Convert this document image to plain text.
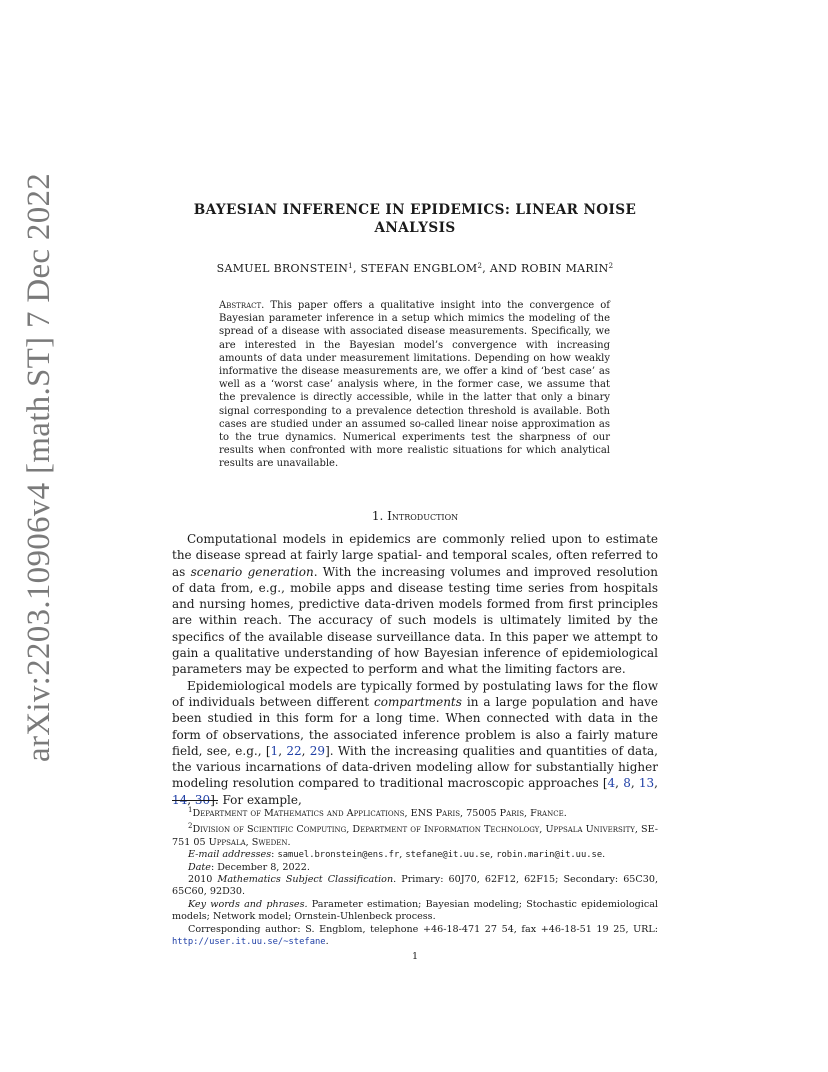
arXiv:2203.10906v4 [math.ST] 7 Dec 2022	BAYESIAN INFERENCE IN EPIDEMICS: LINEAR NOISE ANALYSIS
SAMUEL BRONSTEIN$^1$, STEFAN ENGBLOM$^2$, AND ROBIN MARIN$^2$
Abstract. This paper offers a qualitative insight into the convergence of Bayesian parameter inference in a setup which mimics the modeling of the spread of a disease with associated disease measurements. Specifically, we are interested in the Bayesian model’s convergence with increasing amounts of data under measurement limitations. Depending on how weakly informative the disease measurements are, we offer a kind of ‘best case’ as well as a ‘worst case’ analysis where, in the former case, we assume that the prevalence is directly accessible, while in the latter that only a binary signal corresponding to a prevalence detection threshold is available. Both cases are studied under an assumed so-called linear noise approximation as to the true dynamics. Numerical experiments test the sharpness of our results when confronted with more realistic situations for which analytical results are unavailable.
1. Introduction

Computational models in epidemics are commonly relied upon to estimate the disease spread at fairly large spatial- and temporal scales, often referred to as scenario generation. With the increasing volumes and improved resolution of data from, e.g., mobile apps and disease testing time series from hospitals and nursing homes, predictive data-driven models formed from first principles are within reach. The accuracy of such models is ultimately limited by the specifics of the available disease surveillance data. In this paper we attempt to gain a qualitative understanding of how Bayesian inference of epidemiological parameters may be expected to perform and what the limiting factors are.

Epidemiological models are typically formed by postulating laws for the flow of individuals between different compartments in a large population and have been studied in this form for a long time. When connected with data in the form of observations, the associated inference problem is also a fairly mature field, see, e.g., [1, 22, 29]. With the increasing qualities and quantities of data, the various incarnations of data-driven modeling allow for substantially higher modeling resolution compared to traditional macroscopic approaches [4, 8, 13, 14, 30]. For example,

$^1$Department of Mathematics and Applications, ENS Paris, 75005 Paris, France.

$^2$Division of Scientific Computing, Department of Information Technology, Uppsala University, SE-751 05 Uppsala, Sweden.

E-mail addresses: samuel.bronstein@ens.fr, stefane@it.uu.se, robin.marin@it.uu.se.

Date: December 8, 2022.

2010 Mathematics Subject Classification. Primary: 60J70, 62F12, 62F15; Secondary: 65C30, 65C60, 92D30.

Key words and phrases. Parameter estimation; Bayesian modeling; Stochastic epidemiological models; Network model; Ornstein-Uhlenbeck process.

Corresponding author: S. Engblom, telephone +46-18-471 27 54, fax +46-18-51 19 25, URL: http://user.it.uu.se/~stefane.

1
